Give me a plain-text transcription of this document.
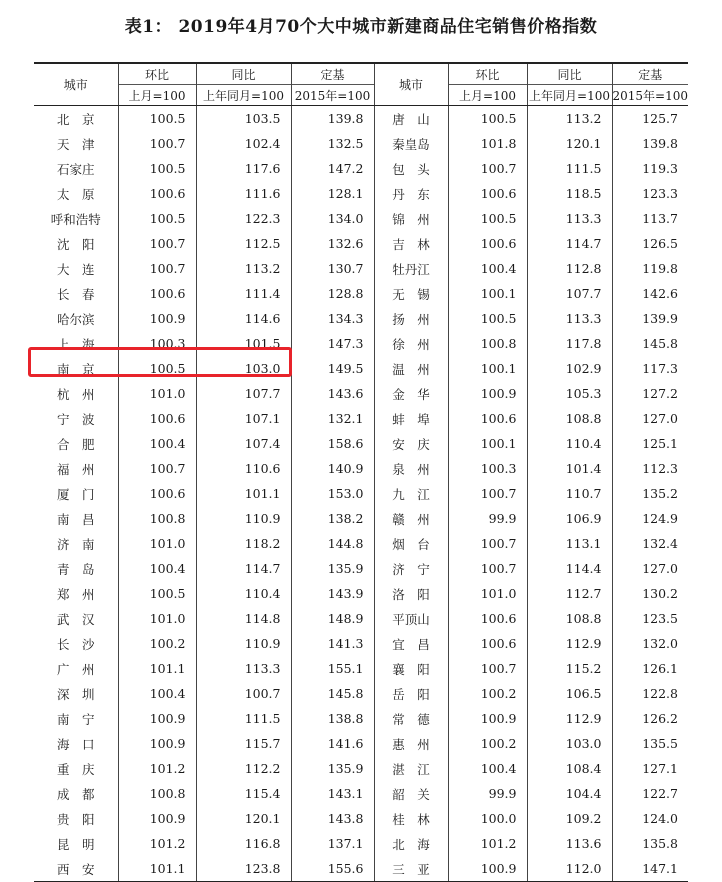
表1： 2019年4月70个大中城市新建商品住宅销售价格指数
城市	环比	同比	定基	城市	环比	同比	定基
	上月=100	上年同月=100	2015年=100		上月=100	上年同月=100	2015年=100
北　京	100.5	103.5	139.8	唐　山	100.5	113.2	125.7
天　津	100.7	102.4	132.5	秦皇岛	101.8	120.1	139.8
石家庄	100.5	117.6	147.2	包　头	100.7	111.5	119.3
太　原	100.6	111.6	128.1	丹　东	100.6	118.5	123.3
呼和浩特	100.5	122.3	134.0	锦　州	100.5	113.3	113.7
沈　阳	100.7	112.5	132.6	吉　林	100.6	114.7	126.5
大　连	100.7	113.2	130.7	牡丹江	100.4	112.8	119.8
长　春	100.6	111.4	128.8	无　锡	100.1	107.7	142.6
哈尔滨	100.9	114.6	134.3	扬　州	100.5	113.3	139.9
上　海	100.3	101.5	147.3	徐　州	100.8	117.8	145.8
南　京	100.5	103.0	149.5	温　州	100.1	102.9	117.3
杭　州	101.0	107.7	143.6	金　华	100.9	105.3	127.2
宁　波	100.6	107.1	132.1	蚌　埠	100.6	108.8	127.0
合　肥	100.4	107.4	158.6	安　庆	100.1	110.4	125.1
福　州	100.7	110.6	140.9	泉　州	100.3	101.4	112.3
厦　门	100.6	101.1	153.0	九　江	100.7	110.7	135.2
南　昌	100.8	110.9	138.2	赣　州	99.9	106.9	124.9
济　南	101.0	118.2	144.8	烟　台	100.7	113.1	132.4
青　岛	100.4	114.7	135.9	济　宁	100.7	114.4	127.0
郑　州	100.5	110.4	143.9	洛　阳	101.0	112.7	130.2
武　汉	101.0	114.8	148.9	平顶山	100.6	108.8	123.5
长　沙	100.2	110.9	141.3	宜　昌	100.6	112.9	132.0
广　州	101.1	113.3	155.1	襄　阳	100.7	115.2	126.1
深　圳	100.4	100.7	145.8	岳　阳	100.2	106.5	122.8
南　宁	100.9	111.5	138.8	常　德	100.9	112.9	126.2
海　口	100.9	115.7	141.6	惠　州	100.2	103.0	135.5
重　庆	101.2	112.2	135.9	湛　江	100.4	108.4	127.1
成　都	100.8	115.4	143.1	韶　关	99.9	104.4	122.7
贵　阳	100.9	120.1	143.8	桂　林	100.0	109.2	124.0
昆　明	101.2	116.8	137.1	北　海	101.2	113.6	135.8
西　安	101.1	123.8	155.6	三　亚	100.9	112.0	147.1
